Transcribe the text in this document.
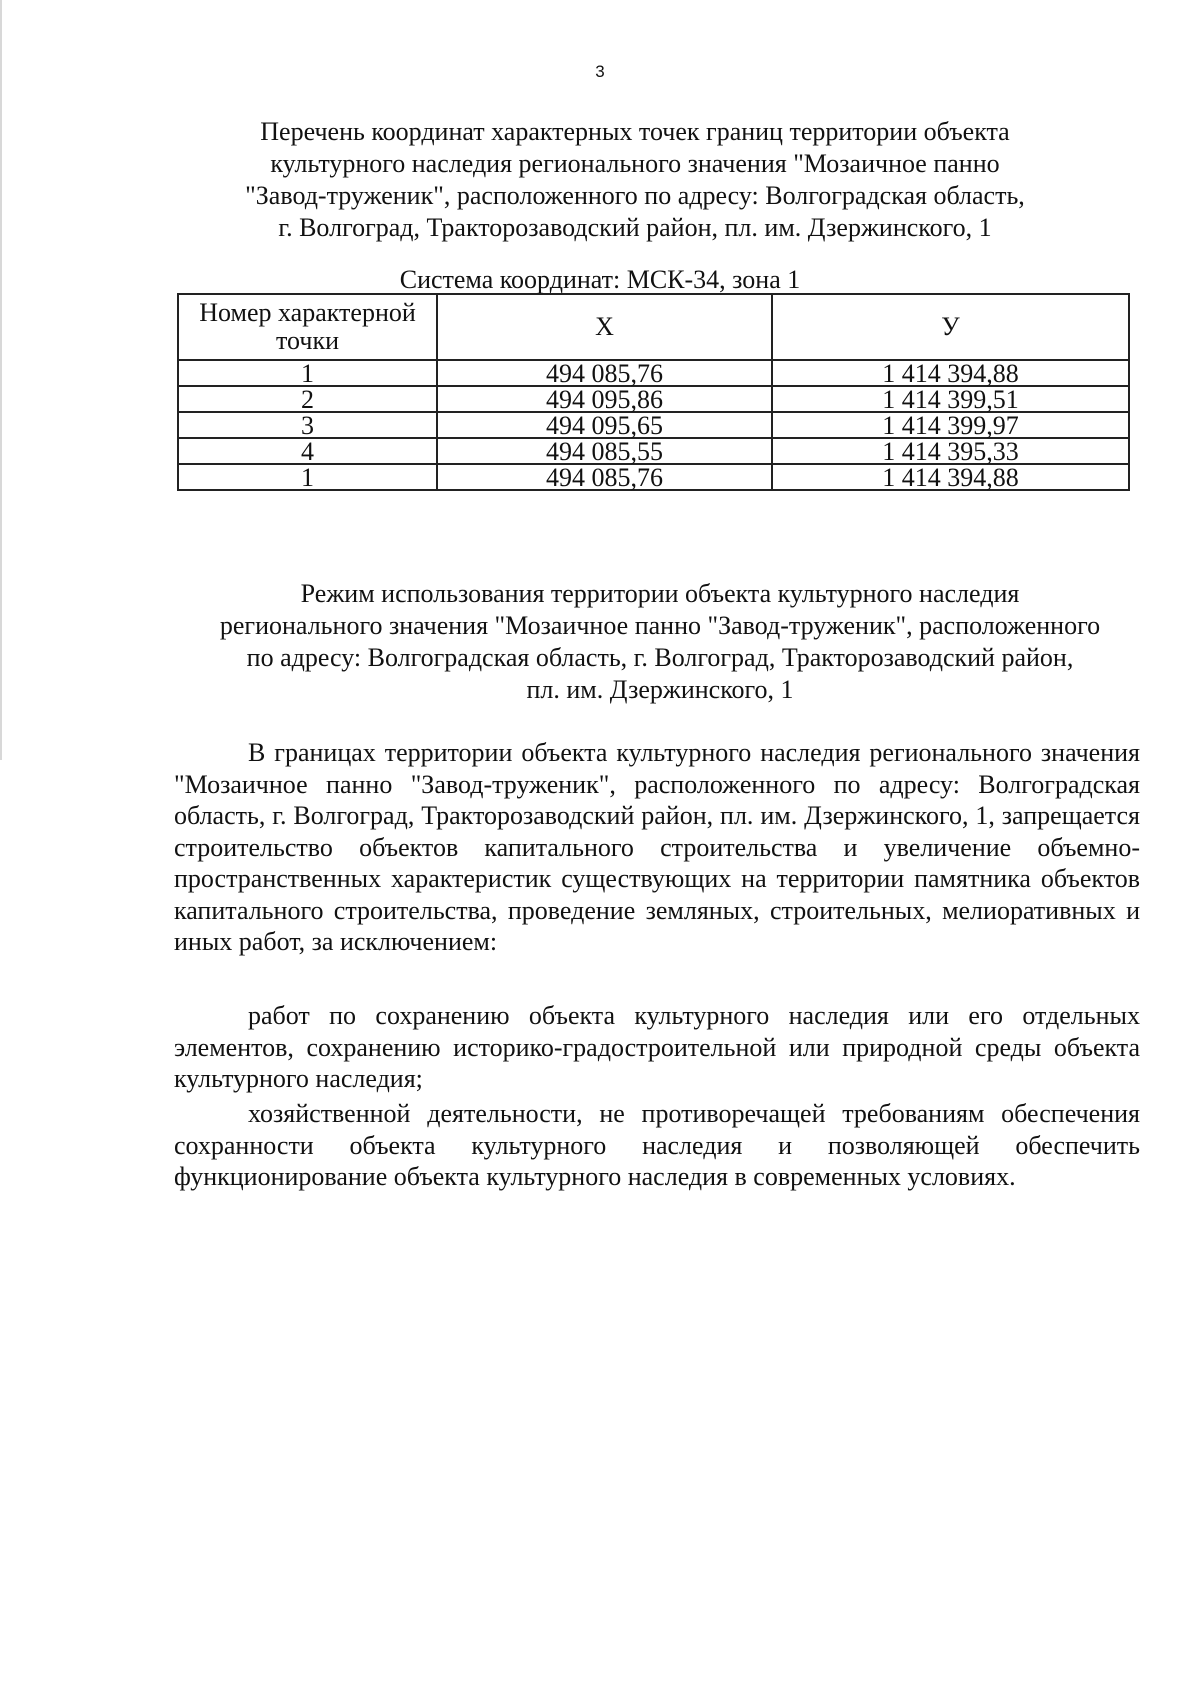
3
Перечень координат характерных точек границ территории объекта
культурного наследия регионального значения "Мозаичное панно
"Завод-труженик", расположенного по адресу: Волгоградская область,
г. Волгоград, Тракторозаводский район, пл. им. Дзержинского, 1
Система координат: МСК-34, зона 1
Номер характерной точки	X	У
1	494 085,76	1 414 394,88
2	494 095,86	1 414 399,51
3	494 095,65	1 414 399,97
4	494 085,55	1 414 395,33
1	494 085,76	1 414 394,88
Режим использования территории объекта культурного наследия
регионального значения "Мозаичное панно "Завод-труженик", расположенного
по адресу: Волгоградская область, г. Волгоград, Тракторозаводский район,
пл. им. Дзержинского, 1

В границах территории объекта культурного наследия регионального значения "Мозаичное панно "Завод-труженик", расположенного по адресу: Волгоградская область, г. Волгоград, Тракторозаводский район, пл. им. Дзержинского, 1, запрещается строительство объектов капитального строительства и увеличение объемно-пространственных характеристик существующих на территории памятника объектов капитального строительства, проведение земляных, строительных, мелиоративных и иных работ, за исключением:

работ по сохранению объекта культурного наследия или его отдельных элементов, сохранению историко-градостроительной или природной среды объекта культурного наследия;

хозяйственной деятельности, не противоречащей требованиям обеспечения сохранности объекта культурного наследия и позволяющей обеспечить функционирование объекта культурного наследия в современных условиях.
